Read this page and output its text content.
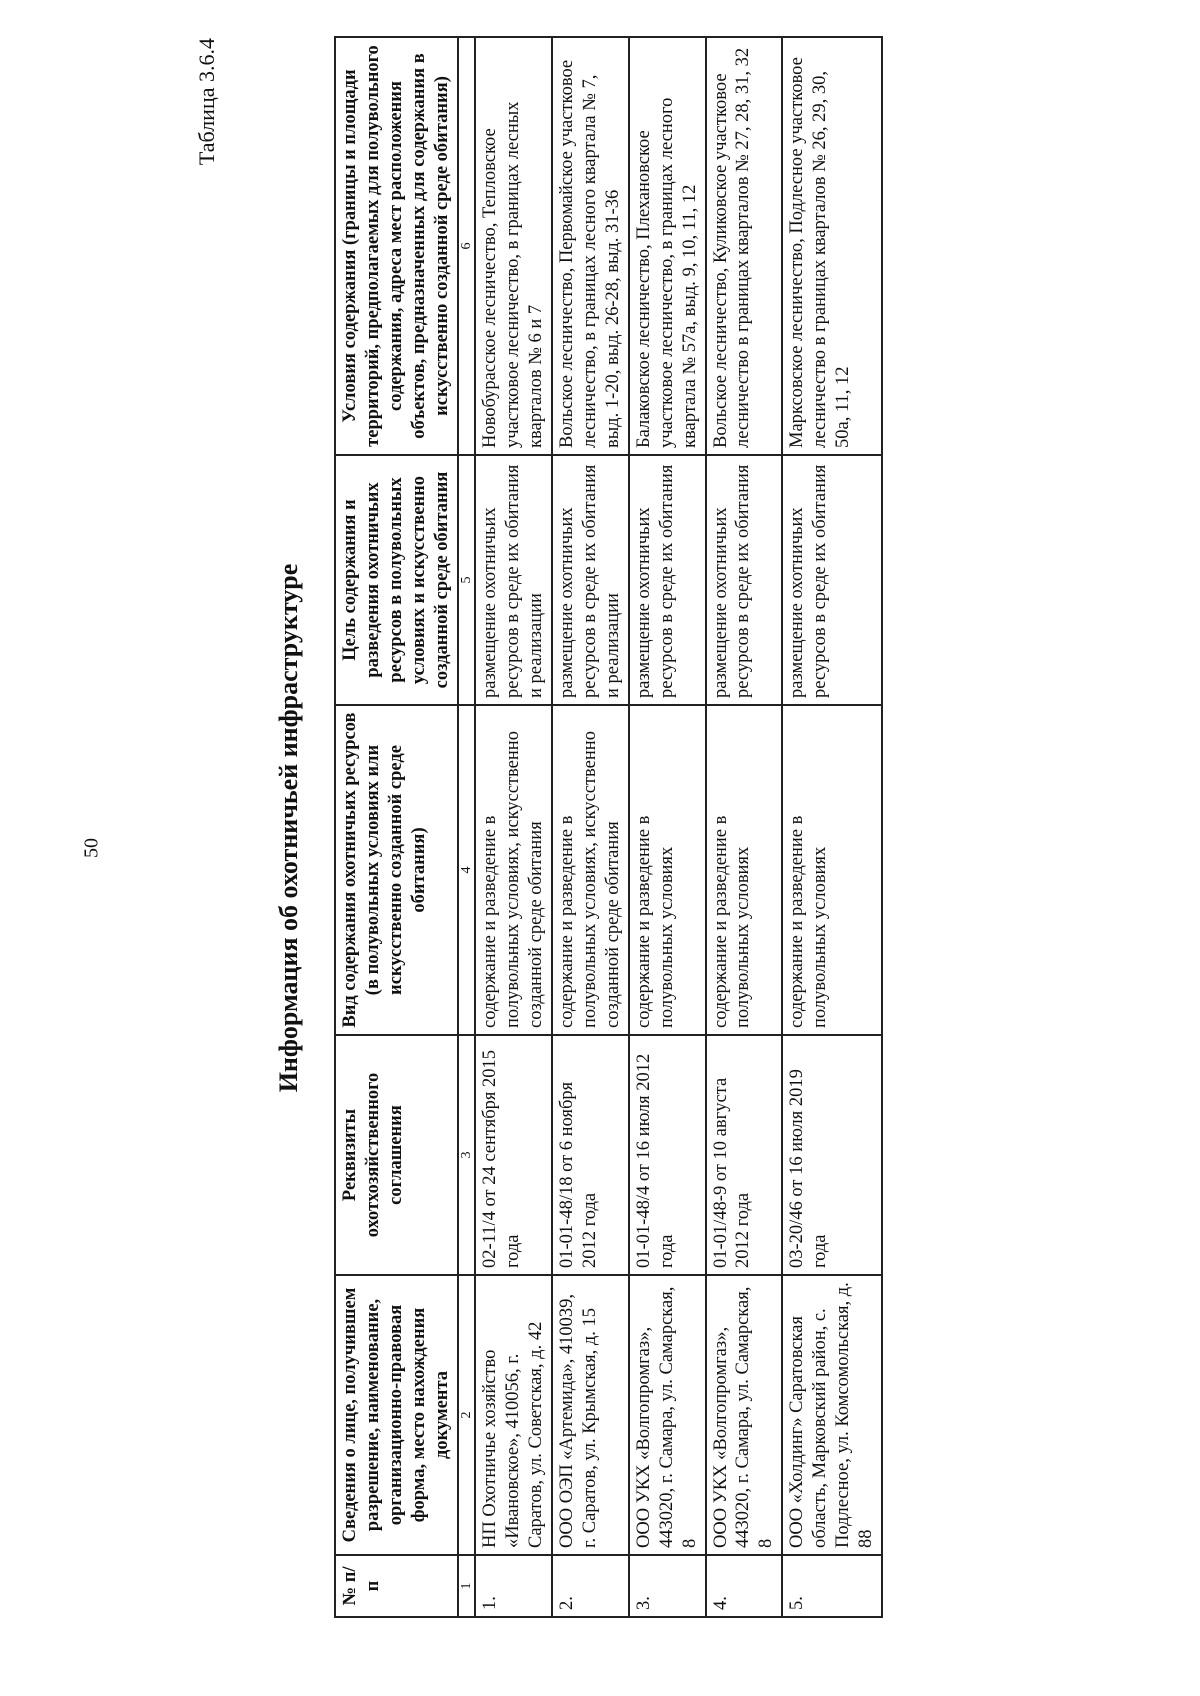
50
Таблица 3.6.4
Информация об охотничьей инфраструктуре
№ п/п	Сведения о лице, получившем разрешение, наименование, организационно-правовая форма, место нахождения документа	Реквизиты охотхозяйственного соглашения	Вид содержания охотничьих ресурсов (в полувольных условиях или искусственно созданной среде обитания)	Цель содержания и разведения охотничьих ресурсов в полувольных условиях и искусственно созданной среде обитания	Условия содержания (границы и площади территорий, предполагаемых для полувольного содержания, адреса мест расположения объектов, предназначенных для содержания в искусственно созданной среде обитания)
1	2	3	4	5	6
1.	НП Охотничье хозяйство «Ивановское», 410056, г. Саратов, ул. Советская, д. 42	02-11/4 от 24 сентября 2015 года	содержание и разведение в полувольных условиях, искусственно созданной среде обитания	размещение охотничьих ресурсов в среде их обитания и реализации	Новобурасское лесничество, Тепловское участковое лесничество, в границах лесных кварталов № 6 и 7
2.	ООО ОЭП «Артемида», 410039, г. Саратов, ул. Крымская, д. 15	01-01-48/18 от 6 ноября 2012 года	содержание и разведение в полувольных условиях, искусственно созданной среде обитания	размещение охотничьих ресурсов в среде их обитания и реализации	Вольское лесничество, Первомайское участковое лесничество, в границах лесного квартала № 7, выд. 1-20, выд. 26-28, выд. 31-36
3.	ООО УКХ «Волгопромгаз», 443020, г. Самара, ул. Самарская, 8	01-01-48/4 от 16 июля 2012 года	содержание и разведение в полувольных условиях	размещение охотничьих ресурсов в среде их обитания	Балаковское лесничество, Плехановское участковое лесничество, в границах лесного квартала № 57а, выд. 9, 10, 11, 12
4.	ООО УКХ «Волгопромгаз», 443020, г. Самара, ул. Самарская, 8	01-01/48-9 от 10 августа 2012 года	содержание и разведение в полувольных условиях	размещение охотничьих ресурсов в среде их обитания	Вольское лесничество, Куликовское участковое лесничество в границах кварталов № 27, 28, 31, 32
5.	ООО «Холдинг» Саратовская область, Марковский район, с. Подлесное, ул. Комсомольская, д. 88	03-20/46 от 16 июля 2019 года	содержание и разведение в полувольных условиях	размещение охотничьих ресурсов в среде их обитания	Марксовское лесничество, Подлесное участковое лесничество в границах кварталов № 26, 29, 30, 50а, 11, 12
